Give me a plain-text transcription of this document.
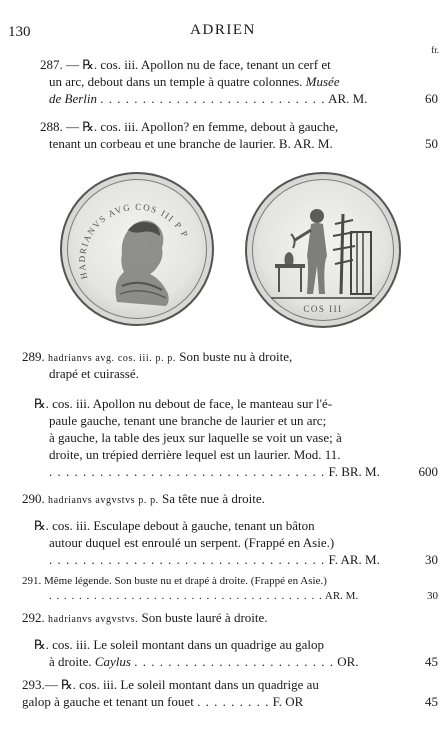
130	ADRIEN
fr.
287. — ℞. cos. iii. Apollon nu de face, tenant un cerf et
un arc, debout dans un temple à quatre colonnes. Musée
de Berlin . . . . . . . . . . . . . . . . . . . . . . . . . . . AR. M.	60
288. — ℞. cos. iii. Apollon? en femme, debout à gauche,
tenant un corbeau et une branche de laurier. B. AR. M.	50
HADRIANVS AVG COS III P P
COS III
289. hadrianvs avg. cos. iii. p. p. Son buste nu à droite,
drapé et cuirassé.
℞. cos. iii. Apollon nu debout de face, le manteau sur l'é-
paule gauche, tenant une branche de laurier et un arc;
à gauche, la table des jeux sur laquelle se voit un vase; à
droite, un trépied derrière lequel est un laurier. Mod. 11.
. . . . . . . . . . . . . . . . . . . . . . . . . . . . . . . . . F. BR. M.	600
290. hadrianvs avgvstvs p. p. Sa tête nue à droite.
℞. cos. iii. Esculape debout à gauche, tenant un bâton
autour duquel est enroulé un serpent. (Frappé en Asie.)
. . . . . . . . . . . . . . . . . . . . . . . . . . . . . . . . . F. AR. M.	30
291. Même légende. Son buste nu et drapé à droite. (Frappé en Asie.)
. . . . . . . . . . . . . . . . . . . . . . . . . . . . . . . . . . . . . AR. M.	30
292. hadrianvs avgvstvs. Son buste lauré à droite.
℞. cos. iii. Le soleil montant dans un quadrige au galop
à droite. Caylus . . . . . . . . . . . . . . . . . . . . . . . . OR.	45
293.— ℞. cos. iii. Le soleil montant dans un quadrige au
galop à gauche et tenant un fouet . . . . . . . . . F. OR	45
